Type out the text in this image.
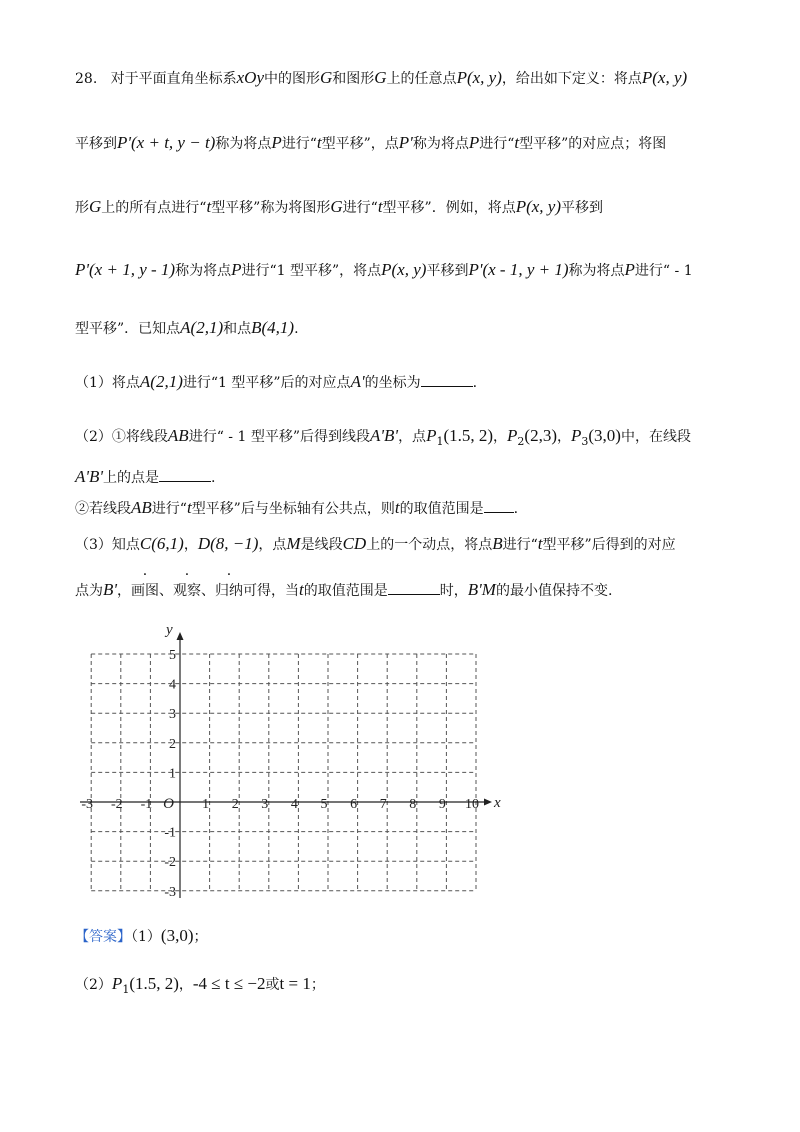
28. 对于平面直角坐标系xOy中的图形G和图形G上的任意点P(x, y)，给出如下定义：将点P(x, y)
平移到P'(x + t, y − t)称为将点P进行“t型平移”，点P'称为将点P进行“t型平移”的对应点；将图
形G上的所有点进行“t型平移”称为将图形G进行“t型平移”．例如，将点P(x, y)平移到
P'(x + 1, y - 1)称为将点P进行“1 型平移”，将点P(x, y)平移到P'(x - 1, y + 1)称为将点P进行“ - 1
型平移”．已知点A(2,1)和点B(4,1).
（1）将点A(2,1)进行“1 型平移”后的对应点A'的坐标为	.
（2）①将线段AB进行“ - 1 型平移”后得到线段A'B'，点$P_1(1.5$, 2)，$P_2(2,3)$，$P_3(3,0)$中，在线段
A'B'上的点是	.
②若线段AB进行“t型平移”后与坐标轴有公共点，则t的取值范围是 .
（3）知点C(6,1)，D(8, −1)，点M是线段CD上的一个动点，将点B进行“t型平移”后得到的对应
点为B'，画图、观察、归纳可得，当t的取值范围是	时，B'M的最小值保持不变.
-3 -2 -1	1 2 3 4 5 6 7 8 9 10
5
4
3
2
1
-1
-2
-3
O	x
y
【答案】（1）(3,0)；
$(2)P_1(1.5$, 2)，-4 ≤ t ≤ −2或t = 1；
